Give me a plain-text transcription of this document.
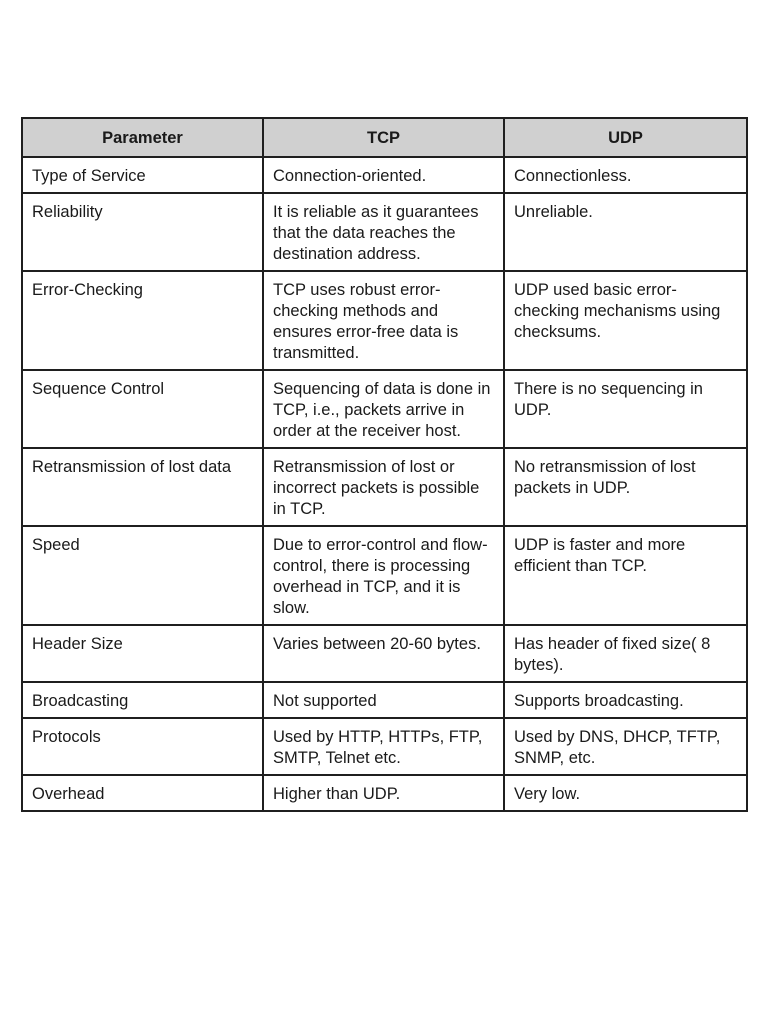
Parameter	TCP	UDP

Type of Service	Connection-oriented.	Connectionless.

Reliability	It is reliable as it guarantees that the data reaches the destination address.	Unreliable.

Error-Checking	TCP uses robust error-checking methods and ensures error-free data is transmitted.	UDP used basic error-checking mechanisms using checksums.

Sequence Control	Sequencing of data is done in TCP, i.e., packets arrive in order at the receiver host.	There is no sequencing in UDP.

Retransmission of lost data	Retransmission of lost or incorrect packets is possible in TCP.	No retransmission of lost packets in UDP.

Speed	Due to error-control and flow-control, there is processing overhead in TCP, and it is slow.	UDP is faster and more efficient than TCP.

Header Size	Varies between 20-60 bytes.	Has header of fixed size( 8 bytes).

Broadcasting	Not supported	Supports broadcasting.

Protocols	Used by HTTP, HTTPs, FTP, SMTP, Telnet etc.	Used by DNS, DHCP, TFTP, SNMP, etc.

Overhead	Higher than UDP.	Very low.
